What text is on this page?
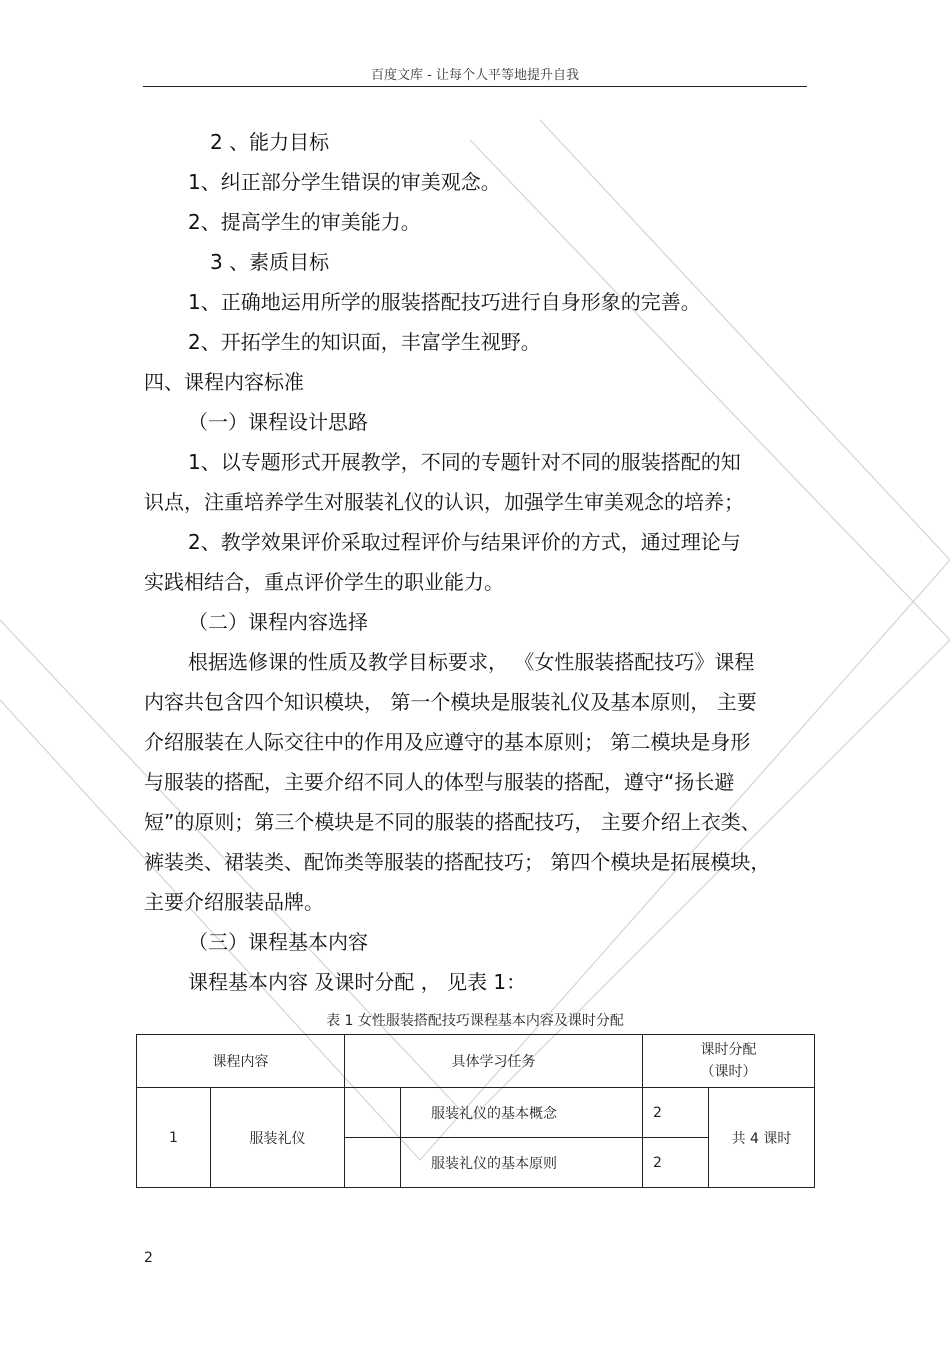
百度文库 - 让每个人平等地提升自我
2 、能力目标
1、纠正部分学生错误的审美观念。
2、提高学生的审美能力。
3 、素质目标
1、正确地运用所学的服装搭配技巧进行自身形象的完善。
2、开拓学生的知识面，丰富学生视野。
四、课程内容标准
（一）课程设计思路
1、以专题形式开展教学，不同的专题针对不同的服装搭配的知
识点，注重培养学生对服装礼仪的认识，加强学生审美观念的培养；
2、教学效果评价采取过程评价与结果评价的方式，通过理论与
实践相结合，重点评价学生的职业能力。
（二）课程内容选择
根据选修课的性质及教学目标要求， 《女性服装搭配技巧》课程
内容共包含四个知识模块， 第一个模块是服装礼仪及基本原则， 主要
介绍服装在人际交往中的作用及应遵守的基本原则； 第二模块是身形
与服装的搭配，主要介绍不同人的体型与服装的搭配，遵守“扬长避
短”的原则；第三个模块是不同的服装的搭配技巧， 主要介绍上衣类、
裤装类、裙装类、配饰类等服装的搭配技巧； 第四个模块是拓展模块，
主要介绍服装品牌。
（三）课程基本内容
课程基本内容 及课时分配 ， 见表 1：
表 1 女性服装搭配技巧课程基本内容及课时分配
课程内容		具体学习任务		课时分配
（课时）	

1	服装礼仪		服装礼仪的基本概念	2	共 4 课时
			服装礼仪的基本原则	2	
2
